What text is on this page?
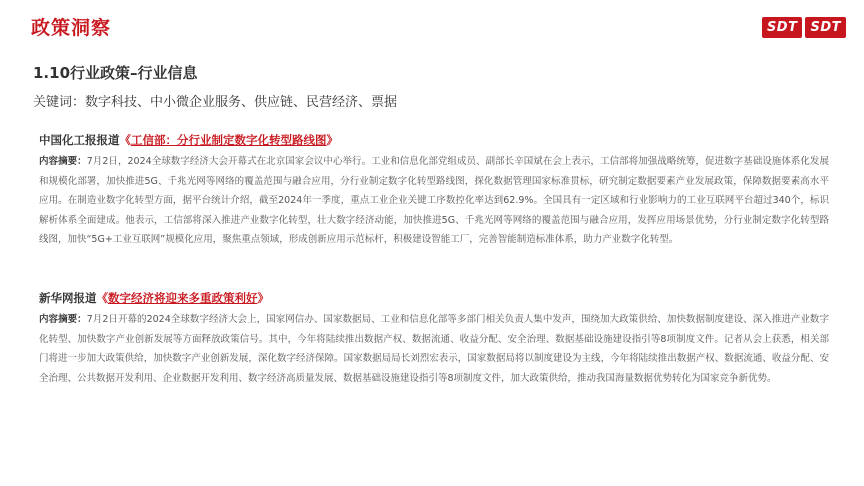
政策洞察	SDT	SDT
1.10行业政策–行业信息
关键词：数字科技、中小微企业服务、供应链、民营经济、票据
中国化工报报道《工信部：分行业制定数字化转型路线图》

内容摘要：7月2日，2024全球数字经济大会开幕式在北京国家会议中心举行。工业和信息化部党组成员、副部长辛国斌在会上表示，工信部将加强战略统筹，促进数字基础设施体系化发展和规模化部署，加快推进5G、千兆光网等网络的覆盖范围与融合应用，分行业制定数字化转型路线图，探化数据管理国家标准贯标，研究制定数据要素产业发展政策，保障数据要素高水平应用。在制造业数字化转型方面，据平台统计介绍，截至2024年一季度，重点工业企业关键工序数控化率达到62.9%。全国具有一定区域和行业影响力的工业互联网平台超过340个，标识解析体系全面建成。他表示，工信部将深入推进产业数字化转型，壮大数字经济动能，加快推进5G、千兆光网等网络的覆盖范围与融合应用，发挥应用场景优势，分行业制定数字化转型路线图，加快“5G+工业互联网”规模化应用，聚焦重点领域，形成创新应用示范标杆，积极建设智能工厂，完善智能制造标准体系，助力产业数字化转型。

新华网报道《数字经济将迎来多重政策利好》

内容摘要：7月2日开幕的2024全球数字经济大会上，国家网信办、国家数据局、工业和信息化部等多部门相关负责人集中发声，围绕加大政策供给、加快数据制度建设、深入推进产业数字化转型、加快数字产业创新发展等方面释放政策信号。其中，今年将陆续推出数据产权、数据流通、收益分配、安全治理、数据基础设施建设指引等8项制度文件。记者从会上获悉，相关部门将进一步加大政策供给，加快数字产业创新发展，深化数字经济保障。国家数据局局长刘烈宏表示，国家数据局将以制度建设为主线，今年将陆续推出数据产权、数据流通、收益分配、安全治理、公共数据开发利用、企业数据开发利用、数字经济高质量发展、数据基础设施建设指引等8项制度文件，加大政策供给，推动我国海量数据优势转化为国家竞争新优势。
